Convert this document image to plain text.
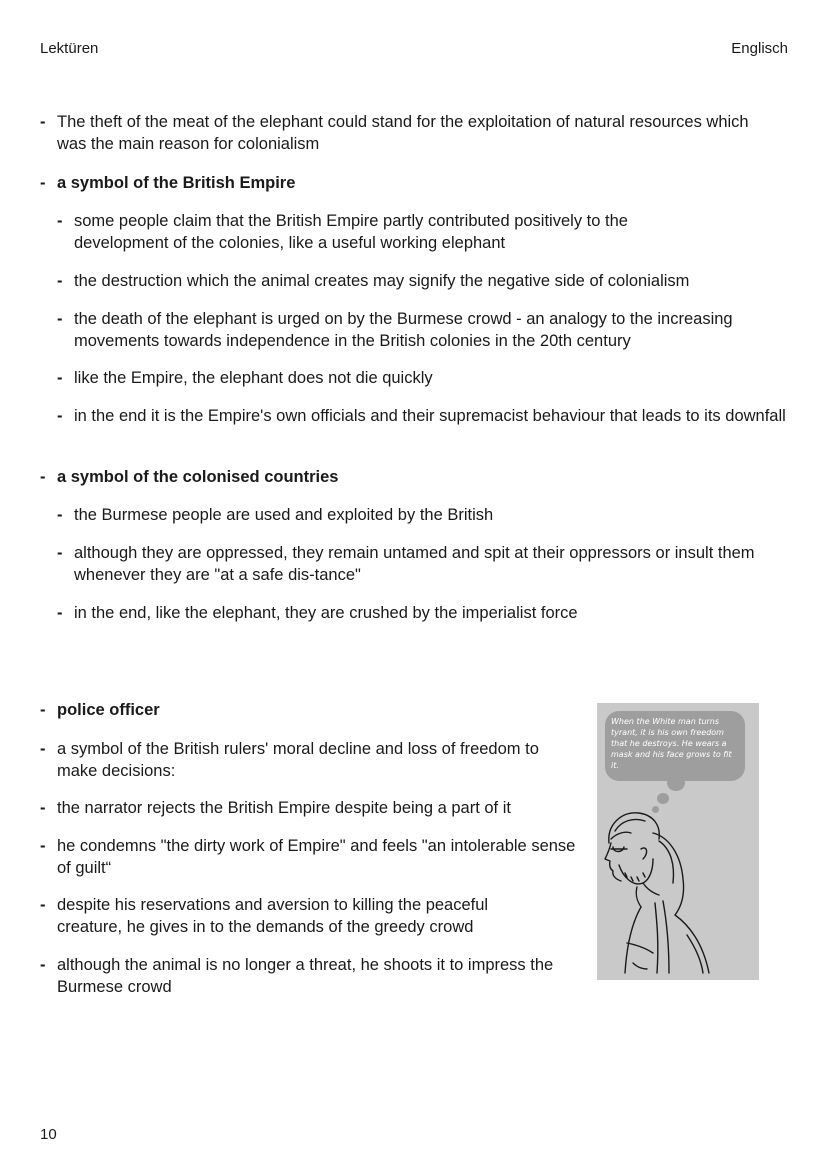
Lektüren	Englisch
- The theft of the meat of the elephant could stand for the exploitation of natural resources which was the main reason for colonialism
- a symbol of the British Empire
- some people claim that the British Empire partly contributed positively to the development of the colonies, like a useful working elephant
- the destruction which the animal creates may signify the negative side of colonialism
- the death of the elephant is urged on by the Burmese crowd - an analogy to the increasing movements towards independence in the British colonies in the 20th century
- like the Empire, the elephant does not die quickly
- in the end it is the Empire's own officials and their supremacist behaviour that leads to its downfall
- a symbol of the colonised countries
- the Burmese people are used and exploited by the British
- although they are oppressed, they remain untamed and spit at their oppressors or insult them whenever they are "at a safe dis-tance"
- in the end, like the elephant, they are crushed by the imperialist force
- police officer
- a symbol of the British rulers' moral decline and loss of freedom to make decisions:
- the narrator rejects the British Empire despite being a part of it
- he condemns "the dirty work of Empire" and feels "an intolerable sense of guilt“
- despite his reservations and aversion to killing the peaceful creature, he gives in to the demands of the greedy crowd
- although the animal is no longer a threat, he shoots it to impress the Burmese crowd
When the White man turns tyrant, it is his own freedom that he destroys. He wears a mask and his face grows to fit it.
10
